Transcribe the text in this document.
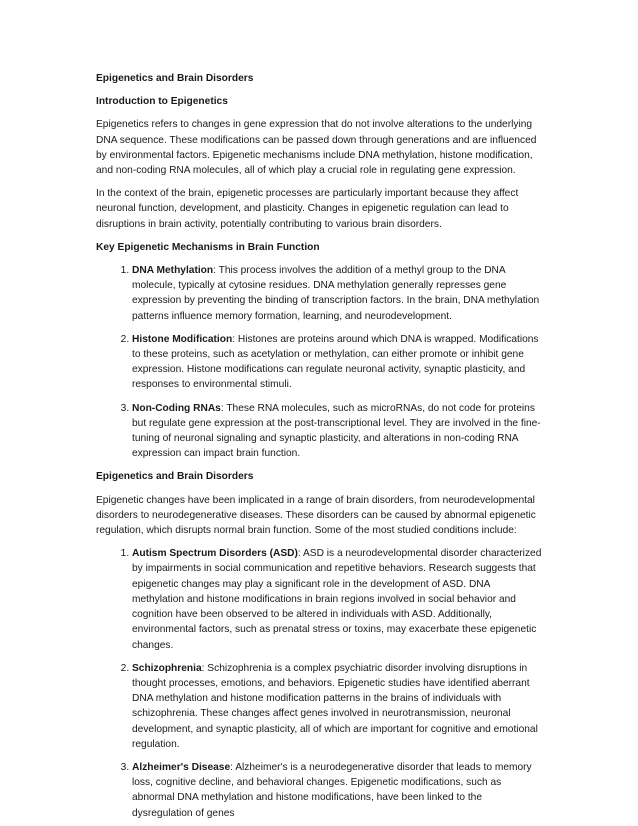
Epigenetics and Brain Disorders

Introduction to Epigenetics

Epigenetics refers to changes in gene expression that do not involve alterations to the underlying DNA sequence. These modifications can be passed down through generations and are influenced by environmental factors. Epigenetic mechanisms include DNA methylation, histone modification, and non-coding RNA molecules, all of which play a crucial role in regulating gene expression.

In the context of the brain, epigenetic processes are particularly important because they affect neuronal function, development, and plasticity. Changes in epigenetic regulation can lead to disruptions in brain activity, potentially contributing to various brain disorders.

Key Epigenetic Mechanisms in Brain Function

1. DNA Methylation: This process involves the addition of a methyl group to the DNA molecule, typically at cytosine residues. DNA methylation generally represses gene expression by preventing the binding of transcription factors. In the brain, DNA methylation patterns influence memory formation, learning, and neurodevelopment.
2. Histone Modification: Histones are proteins around which DNA is wrapped. Modifications to these proteins, such as acetylation or methylation, can either promote or inhibit gene expression. Histone modifications can regulate neuronal activity, synaptic plasticity, and responses to environmental stimuli.
3. Non-Coding RNAs: These RNA molecules, such as microRNAs, do not code for proteins but regulate gene expression at the post-transcriptional level. They are involved in the fine-tuning of neuronal signaling and synaptic plasticity, and alterations in non-coding RNA expression can impact brain function.

Epigenetics and Brain Disorders

Epigenetic changes have been implicated in a range of brain disorders, from neurodevelopmental disorders to neurodegenerative diseases. These disorders can be caused by abnormal epigenetic regulation, which disrupts normal brain function. Some of the most studied conditions include:

1. Autism Spectrum Disorders (ASD): ASD is a neurodevelopmental disorder characterized by impairments in social communication and repetitive behaviors. Research suggests that epigenetic changes may play a significant role in the development of ASD. DNA methylation and histone modifications in brain regions involved in social behavior and cognition have been observed to be altered in individuals with ASD. Additionally, environmental factors, such as prenatal stress or toxins, may exacerbate these epigenetic changes.
2. Schizophrenia: Schizophrenia is a complex psychiatric disorder involving disruptions in thought processes, emotions, and behaviors. Epigenetic studies have identified aberrant DNA methylation and histone modification patterns in the brains of individuals with schizophrenia. These changes affect genes involved in neurotransmission, neuronal development, and synaptic plasticity, all of which are important for cognitive and emotional regulation.
3. Alzheimer's Disease: Alzheimer's is a neurodegenerative disorder that leads to memory loss, cognitive decline, and behavioral changes. Epigenetic modifications, such as abnormal DNA methylation and histone modifications, have been linked to the dysregulation of genes
